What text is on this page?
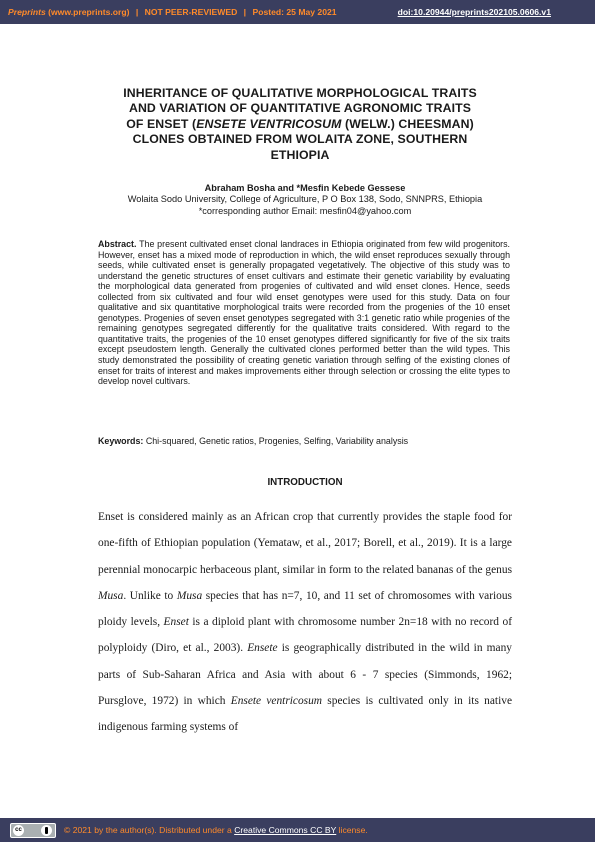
Preprints (www.preprints.org) | NOT PEER-REVIEWED | Posted: 25 May 2021	doi:10.20944/preprints202105.0606.v1
INHERITANCE OF QUALITATIVE MORPHOLOGICAL TRAITS
AND VARIATION OF QUANTITATIVE AGRONOMIC TRAITS
OF ENSET (ENSETE VENTRICOSUM (WELW.) CHEESMAN)
CLONES OBTAINED FROM WOLAITA ZONE, SOUTHERN
ETHIOPIA
Abraham Bosha and *Mesfin Kebede Gessese
Wolaita Sodo University, College of Agriculture, P O Box 138, Sodo, SNNPRS, Ethiopia
*corresponding author Email: mesfin04@yahoo.com
Abstract. The present cultivated enset clonal landraces in Ethiopia originated from few wild progenitors. However, enset has a mixed mode of reproduction in which, the wild enset reproduces sexually through seeds, while cultivated enset is generally propagated vegetatively. The objective of this study was to understand the genetic structures of enset cultivars and estimate their genetic variability by evaluating the morphological data generated from progenies of cultivated and wild enset clones. Hence, seeds collected from six cultivated and four wild enset genotypes were used for this study. Data on four qualitative and six quantitative morphological traits were recorded from the progenies of the 10 enset genotypes. Progenies of seven enset genotypes segregated with 3:1 genetic ratio while progenies of the remaining genotypes segregated differently for the qualitative traits considered. With regard to the quantitative traits, the progenies of the 10 enset genotypes differed significantly for five of the six traits except pseudostem length. Generally the cultivated clones performed better than the wild types. This study demonstrated the possibility of creating genetic variation through selfing of the existing clones of enset for traits of interest and makes improvements either through selection or crossing the elite types to develop novel cultivars.
Keywords: Chi-squared, Genetic ratios, Progenies, Selfing, Variability analysis
INTRODUCTION
Enset is considered mainly as an African crop that currently provides the staple food for one-fifth of Ethiopian population (Yemataw, et al., 2017; Borell, et al., 2019). It is a large perennial monocarpic herbaceous plant, similar in form to the related bananas of the genus Musa. Unlike to Musa species that has n=7, 10, and 11 set of chromosomes with various ploidy levels, Enset is a diploid plant with chromosome number 2n=18 with no record of polyploidy (Diro, et al., 2003). Ensete is geographically distributed in the wild in many parts of Sub-Saharan Africa and Asia with about 6 - 7 species (Simmonds, 1962; Pursglove, 1972) in which Ensete ventricosum species is cultivated only in its native indigenous farming systems of
cc	© 2021 by the author(s). Distributed under a Creative Commons CC BY license.
